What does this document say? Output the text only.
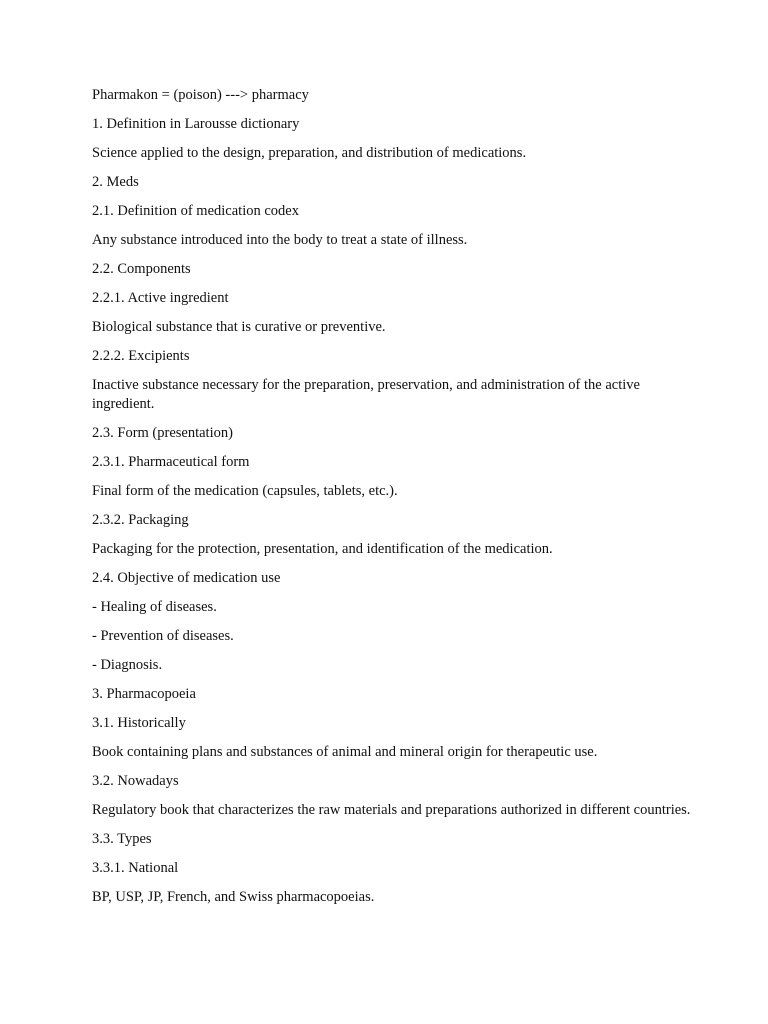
Pharmakon = (poison) ---> pharmacy

1. Definition in Larousse dictionary

Science applied to the design, preparation, and distribution of medications.

2. Meds

2.1. Definition of medication codex

Any substance introduced into the body to treat a state of illness.

2.2. Components

2.2.1. Active ingredient

Biological substance that is curative or preventive.

2.2.2. Excipients

Inactive substance necessary for the preparation, preservation, and administration of the active ingredient.

2.3. Form (presentation)

2.3.1. Pharmaceutical form

Final form of the medication (capsules, tablets, etc.).

2.3.2. Packaging

Packaging for the protection, presentation, and identification of the medication.

2.4. Objective of medication use

- Healing of diseases.

- Prevention of diseases.

- Diagnosis.

3. Pharmacopoeia

3.1. Historically

Book containing plans and substances of animal and mineral origin for therapeutic use.

3.2. Nowadays

Regulatory book that characterizes the raw materials and preparations authorized in different countries.

3.3. Types

3.3.1. National

BP, USP, JP, French, and Swiss pharmacopoeias.
